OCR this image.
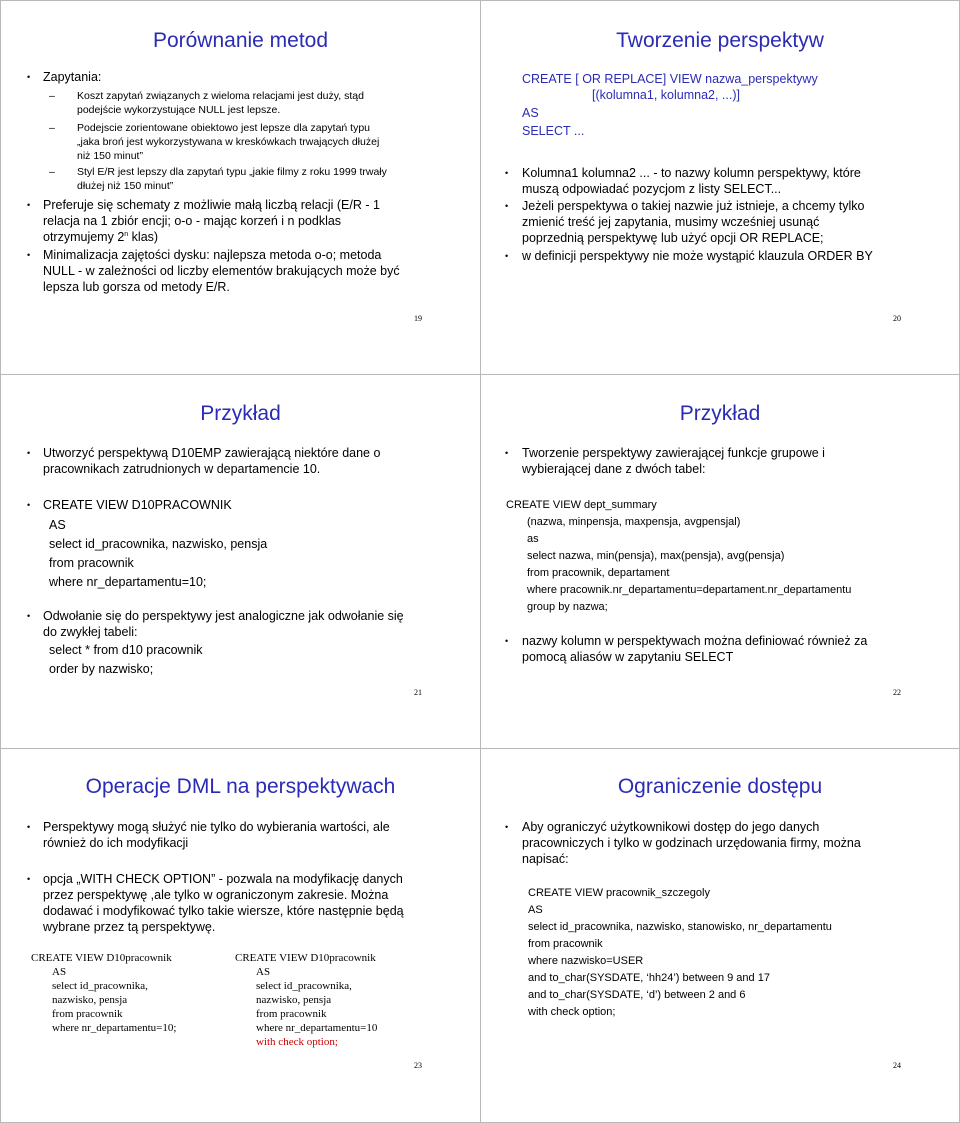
Porównanie metod
• Zapytania:
– Koszt zapytań związanych z wieloma relacjami jest duży, stąd
podejście wykorzystujące NULL jest lepsze.
– Podejscie zorientowane obiektowo jest lepsze dla zapytań typu
„jaka broń jest wykorzystywana w kreskówkach trwających dłużej
niż 150 minut”
– Styl E/R jest lepszy dla zapytań typu „jakie filmy z roku 1999 trwały
dłużej niż 150 minut”
• Preferuje się schematy z możliwie małą liczbą relacji (E/R - 1
relacja na 1 zbiór encji; o-o - mając korzeń i n podklas
otrzymujemy 2$^n$ klas)
• Minimalizacja zajętości dysku: najlepsza metoda o-o; metoda
NULL - w zależności od liczby elementów brakujących może być
lepsza lub gorsza od metody E/R.
19
Tworzenie perspektyw
CREATE [ OR REPLACE] VIEW nazwa_perspektywy
[(kolumna1, kolumna2, ...)]
AS
SELECT ...
• Kolumna1 kolumna2 ... - to nazwy kolumn perspektywy, które
muszą odpowiadać pozycjom z listy SELECT...
• Jeżeli perspektywa o takiej nazwie już istnieje, a chcemy tylko
zmienić treść jej zapytania, musimy wcześniej usunąć
poprzednią perspektywę lub użyć opcji OR REPLACE;
• w definicji perspektywy nie może wystąpić klauzula ORDER BY
20
Przykład
• Utworzyć perspektywą D10EMP zawierającą niektóre dane o
pracownikach zatrudnionych w departamencie 10.
• CREATE VIEW D10PRACOWNIK
AS
select id_pracownika, nazwisko, pensja
from pracownik
where nr_departamentu=10;
• Odwołanie się do perspektywy jest analogiczne jak odwołanie się
do zwykłej tabeli:
select * from d10 pracownik
order by nazwisko;
21
Przykład
• Tworzenie perspektywy zawierającej funkcje grupowe i
wybierającej dane z dwóch tabel:
CREATE VIEW dept_summary
(nazwa, minpensja, maxpensja, avgpensjal)
as
select nazwa, min(pensja), max(pensja), avg(pensja)
from pracownik, departament
where pracownik.nr_departamentu=departament.nr_departamentu
group by nazwa;
• nazwy kolumn w perspektywach można definiować również za
pomocą aliasów w zapytaniu SELECT
22
Operacje DML na perspektywach
• Perspektywy mogą służyć nie tylko do wybierania wartości, ale
również do ich modyfikacji
• opcja „WITH CHECK OPTION” - pozwala na modyfikację danych
przez perspektywę ,ale tylko w ograniczonym zakresie. Można
dodawać i modyfikować tylko takie wiersze, które następnie będą
wybrane przez tą perspektywę.
CREATE VIEW D10pracownik
AS
select id_pracownika,
nazwisko, pensja
from pracownik
where nr_departamentu=10;
CREATE VIEW D10pracownik
AS
select id_pracownika,
nazwisko, pensja
from pracownik
where nr_departamentu=10
with check option;
23
Ograniczenie dostępu
• Aby ograniczyć użytkownikowi dostęp do jego danych
pracowniczych i tylko w godzinach urzędowania firmy, można
napisać:
CREATE VIEW pracownik_szczegoly
AS
select id_pracownika, nazwisko, stanowisko, nr_departamentu
from pracownik
where nazwisko=USER
and to_char(SYSDATE, ‘hh24’) between 9 and 17
and to_char(SYSDATE, ‘d’) between 2 and 6
with check option;
24
